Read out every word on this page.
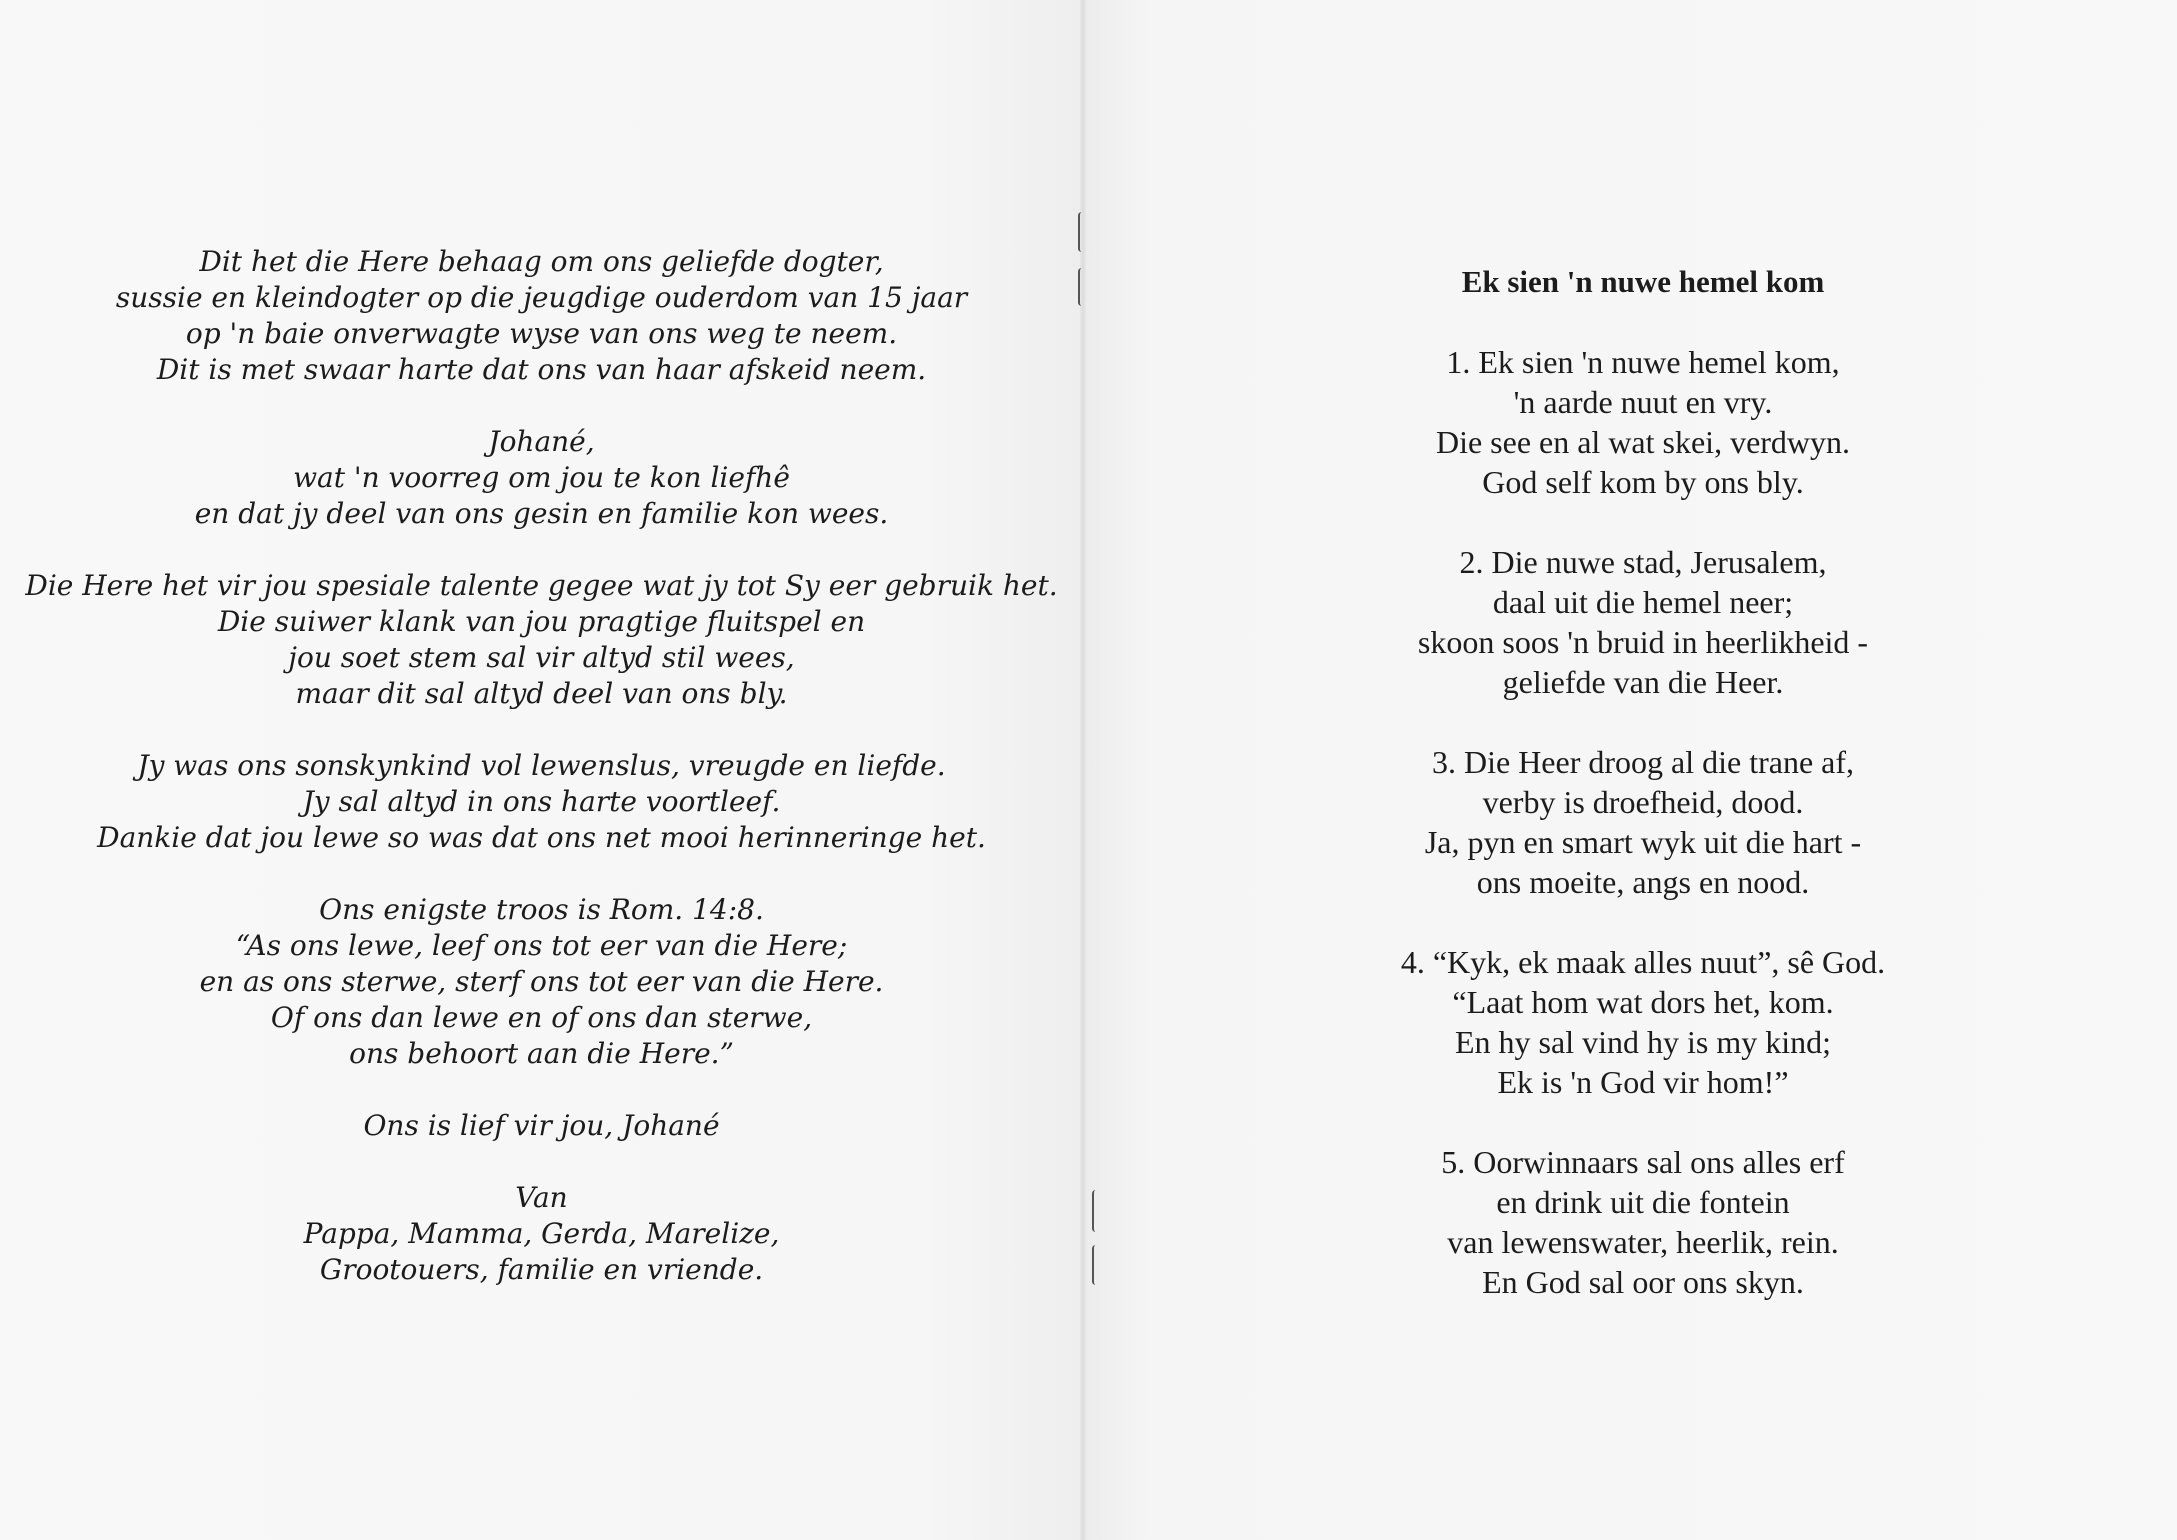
Dit het die Here behaag om ons geliefde dogter,
sussie en kleindogter op die jeugdige ouderdom van 15 jaar
op 'n baie onverwagte wyse van ons weg te neem.
Dit is met swaar harte dat ons van haar afskeid neem.
Johané,
wat 'n voorreg om jou te kon liefhê
en dat jy deel van ons gesin en familie kon wees.
Die Here het vir jou spesiale talente gegee wat jy tot Sy eer gebruik het.
Die suiwer klank van jou pragtige fluitspel en
jou soet stem sal vir altyd stil wees,
maar dit sal altyd deel van ons bly.
Jy was ons sonskynkind vol lewenslus, vreugde en liefde.
Jy sal altyd in ons harte voortleef.
Dankie dat jou lewe so was dat ons net mooi herinneringe het.
Ons enigste troos is Rom. 14:8.
“As ons lewe, leef ons tot eer van die Here;
en as ons sterwe, sterf ons tot eer van die Here.
Of ons dan lewe en of ons dan sterwe,
ons behoort aan die Here.”
Ons is lief vir jou, Johané
Van
Pappa, Mamma, Gerda, Marelize,
Grootouers, familie en vriende.
Ek sien 'n nuwe hemel kom
1. Ek sien 'n nuwe hemel kom,
'n aarde nuut en vry.
Die see en al wat skei, verdwyn.
God self kom by ons bly.
2. Die nuwe stad, Jerusalem,
daal uit die hemel neer;
skoon soos 'n bruid in heerlikheid -
geliefde van die Heer.
3. Die Heer droog al die trane af,
verby is droefheid, dood.
Ja, pyn en smart wyk uit die hart -
ons moeite, angs en nood.
4. “Kyk, ek maak alles nuut”, sê God.
“Laat hom wat dors het, kom.
En hy sal vind hy is my kind;
Ek is 'n God vir hom!”
5. Oorwinnaars sal ons alles erf
en drink uit die fontein
van lewenswater, heerlik, rein.
En God sal oor ons skyn.
